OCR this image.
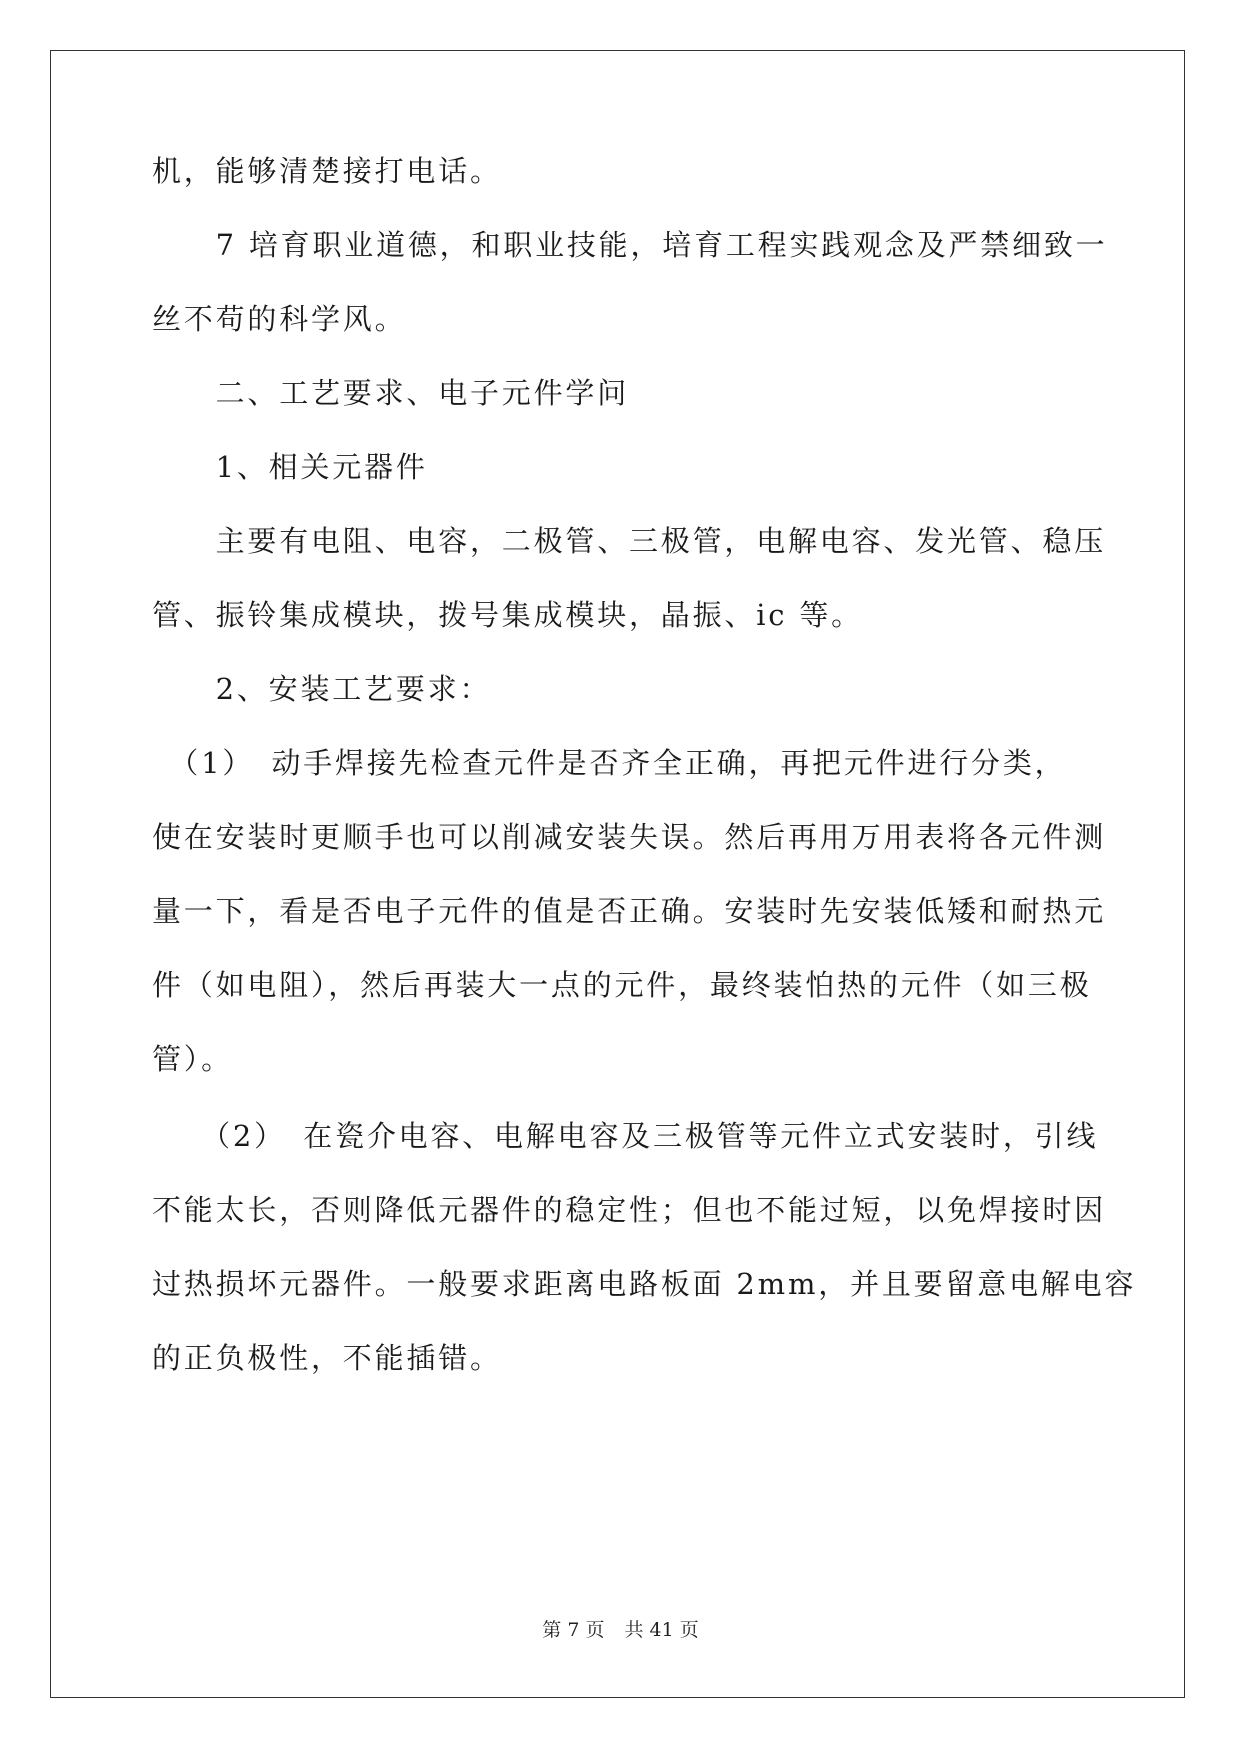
机，能够清楚接打电话。

　　7 培育职业道德，和职业技能，培育工程实践观念及严禁细致一

丝不苟的科学风。

　　二、工艺要求、电子元件学问

　　1、相关元器件

　　主要有电阻、电容，二极管、三极管，电解电容、发光管、稳压

管、振铃集成模块，拨号集成模块，晶振、ic 等。

　　2、安装工艺要求：

　（1）　动手焊接先检查元件是否齐全正确，再把元件进行分类，

使在安装时更顺手也可以削减安装失误。然后再用万用表将各元件测

量一下，看是否电子元件的值是否正确。安装时先安装低矮和耐热元

件（如电阻），然后再装大一点的元件，最终装怕热的元件（如三极

管）。

　　（2）　在瓷介电容、电解电容及三极管等元件立式安装时，引线

不能太长，否则降低元器件的稳定性；但也不能过短，以免焊接时因

过热损坏元器件。一般要求距离电路板面 2mm，并且要留意电解电容

的正负极性，不能插错。

第 7 页 共 41 页
